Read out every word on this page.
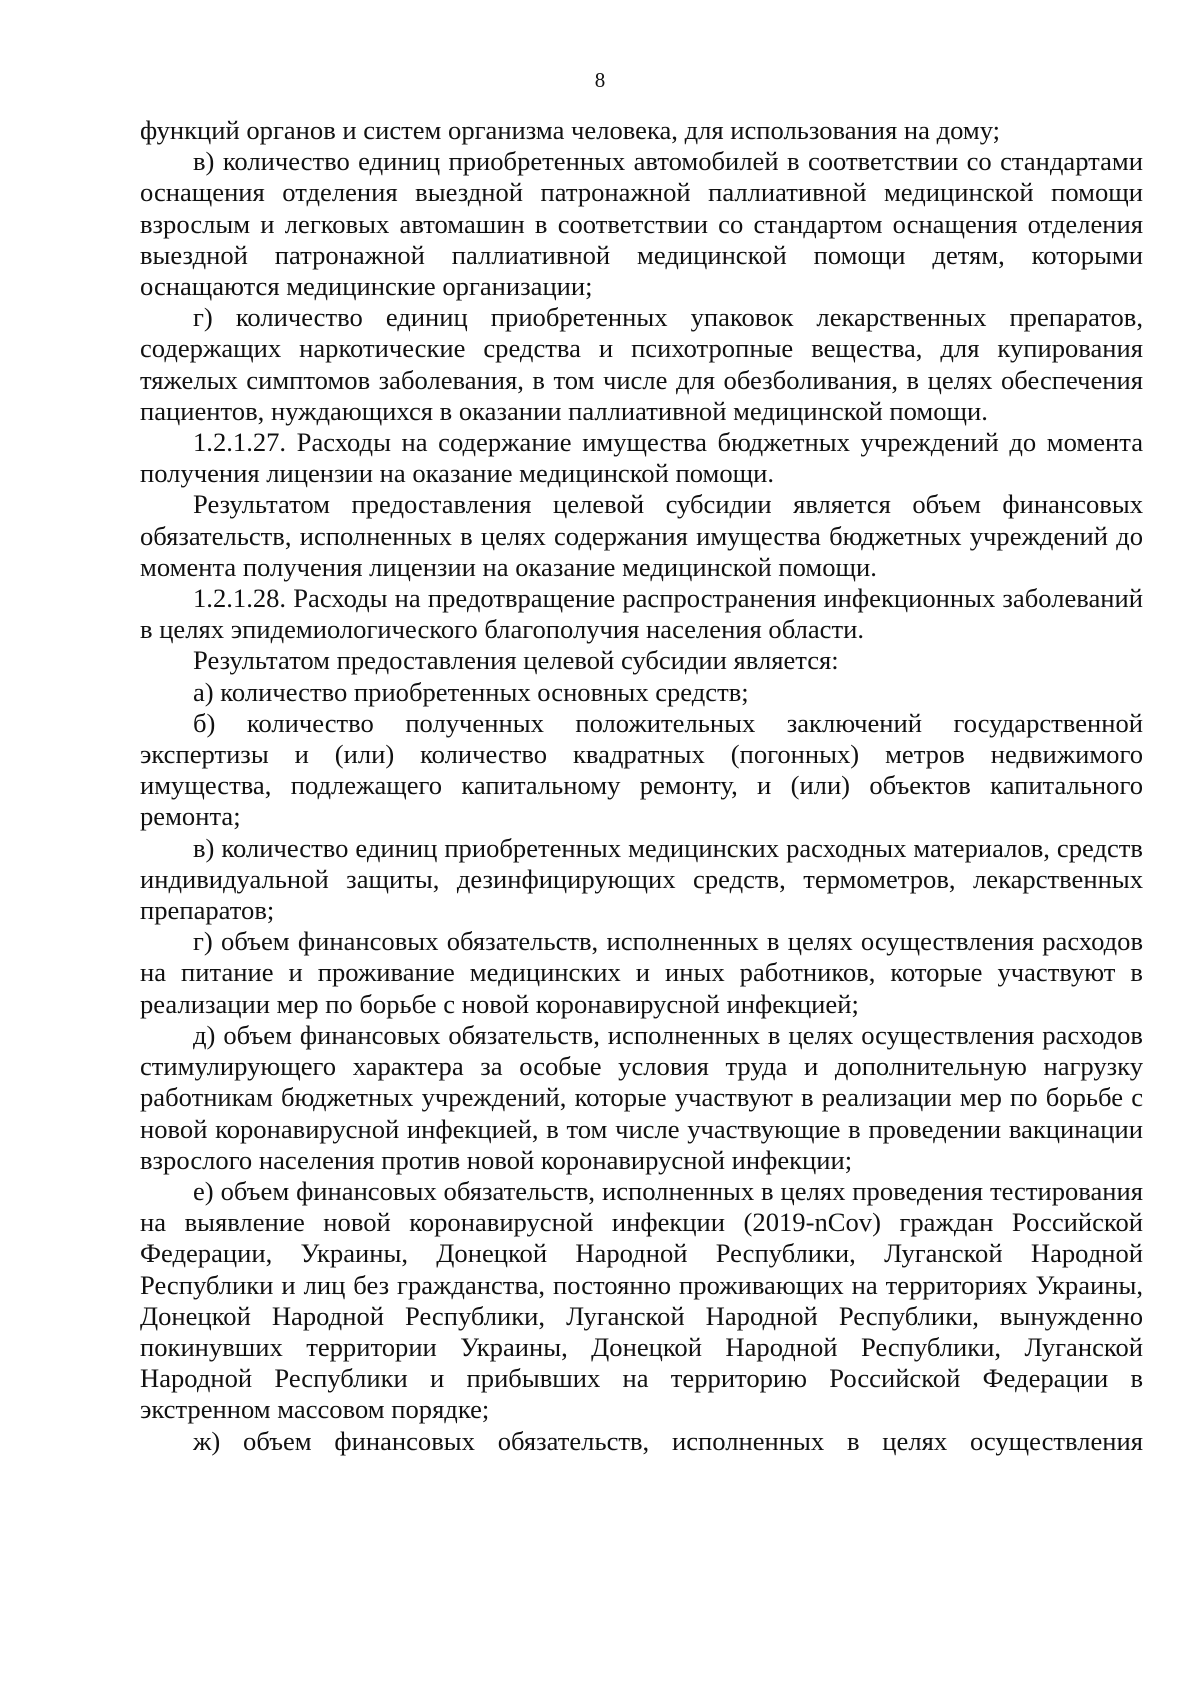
8

функций органов и систем организма человека, для использования на дому;

в) количество единиц приобретенных автомобилей в соответствии со стандартами оснащения отделения выездной патронажной паллиативной медицинской помощи взрослым и легковых автомашин в соответствии со стандартом оснащения отделения выездной патронажной паллиативной медицинской помощи детям, которыми оснащаются медицинские организации;

г) количество единиц приобретенных упаковок лекарственных препаратов, содержащих наркотические средства и психотропные вещества, для купирования тяжелых симптомов заболевания, в том числе для обезболивания, в целях обеспечения пациентов, нуждающихся в оказании паллиативной медицинской помощи.

1.2.1.27. Расходы на содержание имущества бюджетных учреждений до момента получения лицензии на оказание медицинской помощи.

Результатом предоставления целевой субсидии является объем финансовых обязательств, исполненных в целях содержания имущества бюджетных учреждений до момента получения лицензии на оказание медицинской помощи.

1.2.1.28. Расходы на предотвращение распространения инфекционных заболеваний в целях эпидемиологического благополучия населения области.

Результатом предоставления целевой субсидии является:

а) количество приобретенных основных средств;

б) количество полученных положительных заключений государственной экспертизы и (или) количество квадратных (погонных) метров недвижимого имущества, подлежащего капитальному ремонту, и (или) объектов капитального ремонта;

в) количество единиц приобретенных медицинских расходных материалов, средств индивидуальной защиты, дезинфицирующих средств, термометров, лекарственных препаратов;

г) объем финансовых обязательств, исполненных в целях осуществления расходов на питание и проживание медицинских и иных работников, которые участвуют в реализации мер по борьбе с новой коронавирусной инфекцией;

д) объем финансовых обязательств, исполненных в целях осуществления расходов стимулирующего характера за особые условия труда и дополнительную нагрузку работникам бюджетных учреждений, которые участвуют в реализации мер по борьбе с новой коронавирусной инфекцией, в том числе участвующие в проведении вакцинации взрослого населения против новой коронавирусной инфекции;

е) объем финансовых обязательств, исполненных в целях проведения тестирования на выявление новой коронавирусной инфекции (2019-nCov) граждан Российской Федерации, Украины, Донецкой Народной Республики, Луганской Народной Республики и лиц без гражданства, постоянно проживающих на территориях Украины, Донецкой Народной Республики, Луганской Народной Республики, вынужденно покинувших территории Украины, Донецкой Народной Республики, Луганской Народной Республики и прибывших на территорию Российской Федерации в экстренном массовом порядке;

ж) объем финансовых обязательств, исполненных в целях осуществления
